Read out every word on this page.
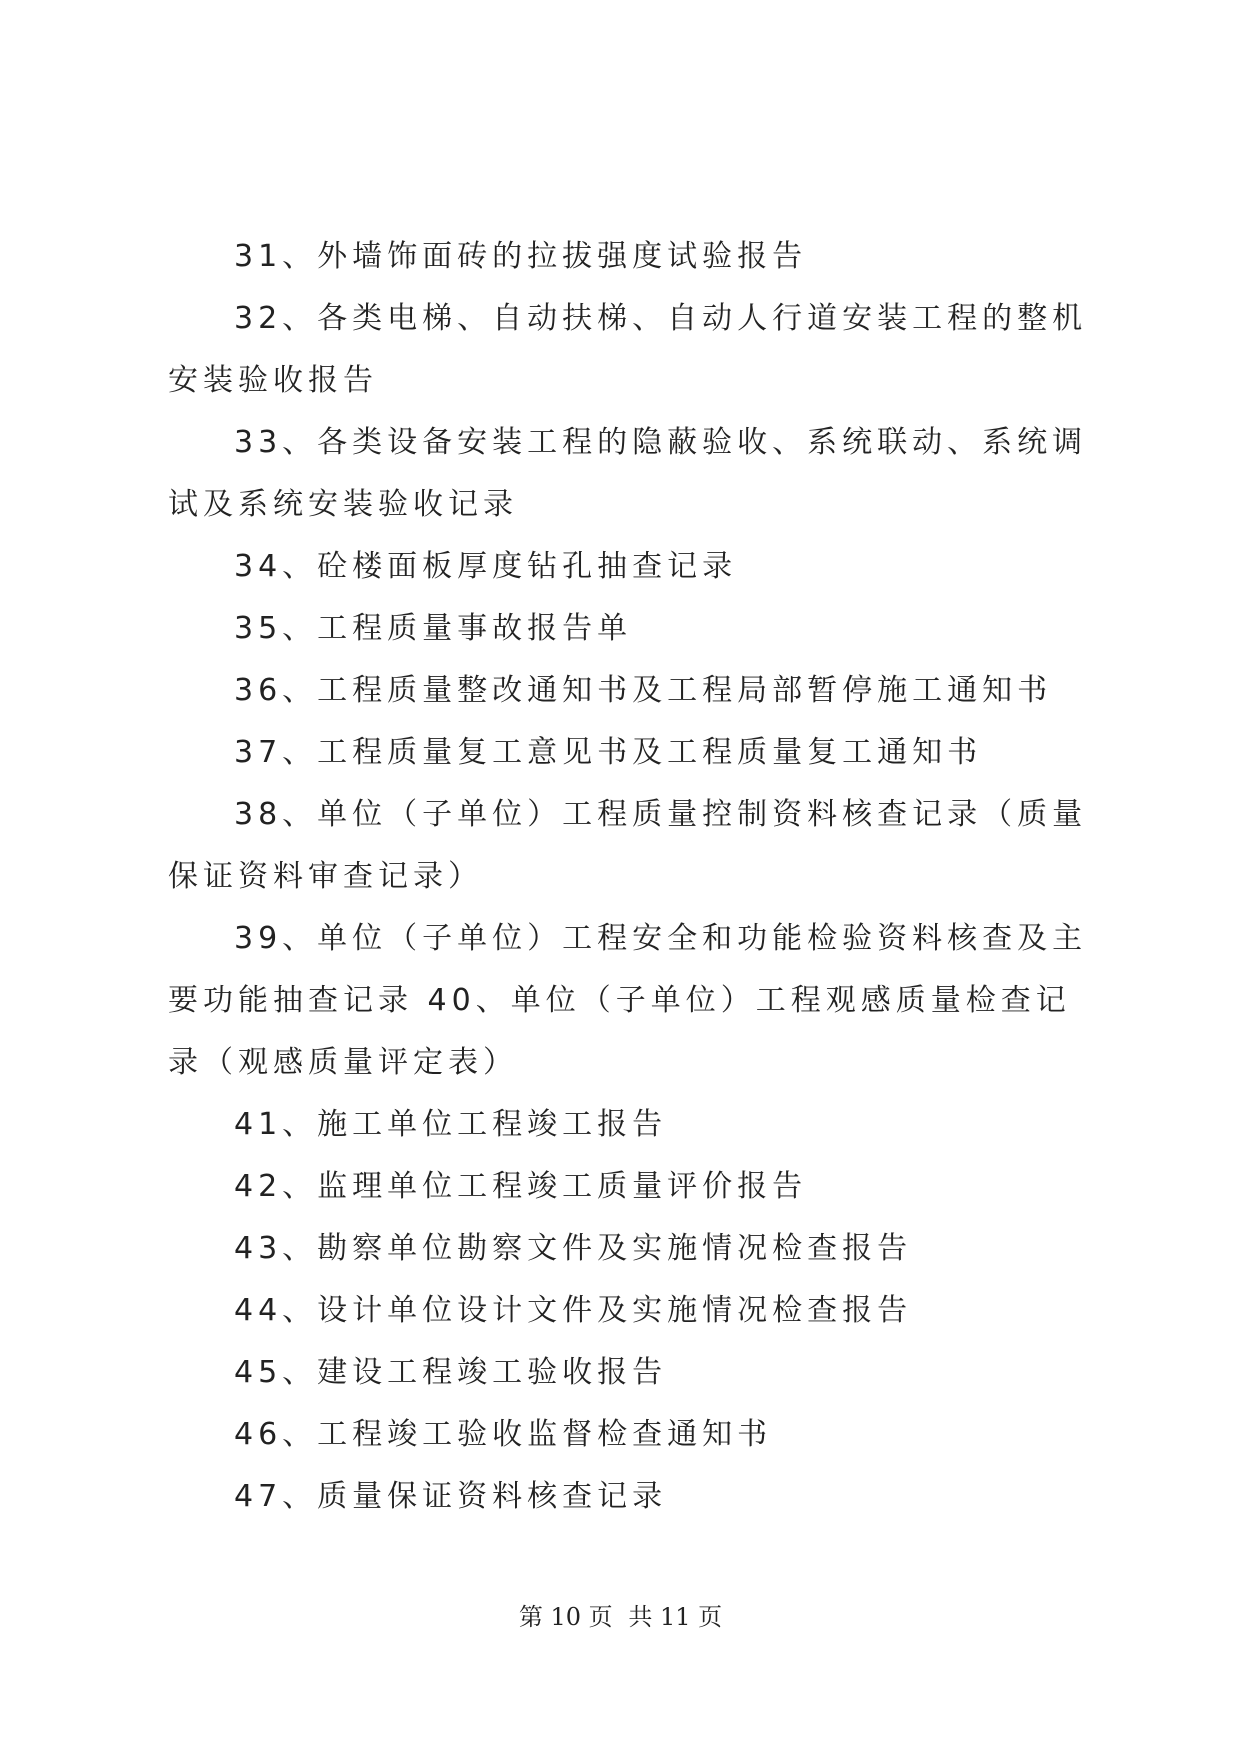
31、外墙饰面砖的拉拔强度试验报告

32、各类电梯、自动扶梯、自动人行道安装工程的整机安装验收报告

33、各类设备安装工程的隐蔽验收、系统联动、系统调试及系统安装验收记录

34、砼楼面板厚度钻孔抽查记录

35、工程质量事故报告单

36、工程质量整改通知书及工程局部暂停施工通知书

37、工程质量复工意见书及工程质量复工通知书

38、单位（子单位）工程质量控制资料核查记录（质量保证资料审查记录）

39、单位（子单位）工程安全和功能检验资料核查及主要功能抽查记录 40、单位（子单位）工程观感质量检查记录（观感质量评定表）

41、施工单位工程竣工报告

42、监理单位工程竣工质量评价报告

43、勘察单位勘察文件及实施情况检查报告

44、设计单位设计文件及实施情况检查报告

45、建设工程竣工验收报告

46、工程竣工验收监督检查通知书

47、质量保证资料核查记录

第 10 页 共 11 页
